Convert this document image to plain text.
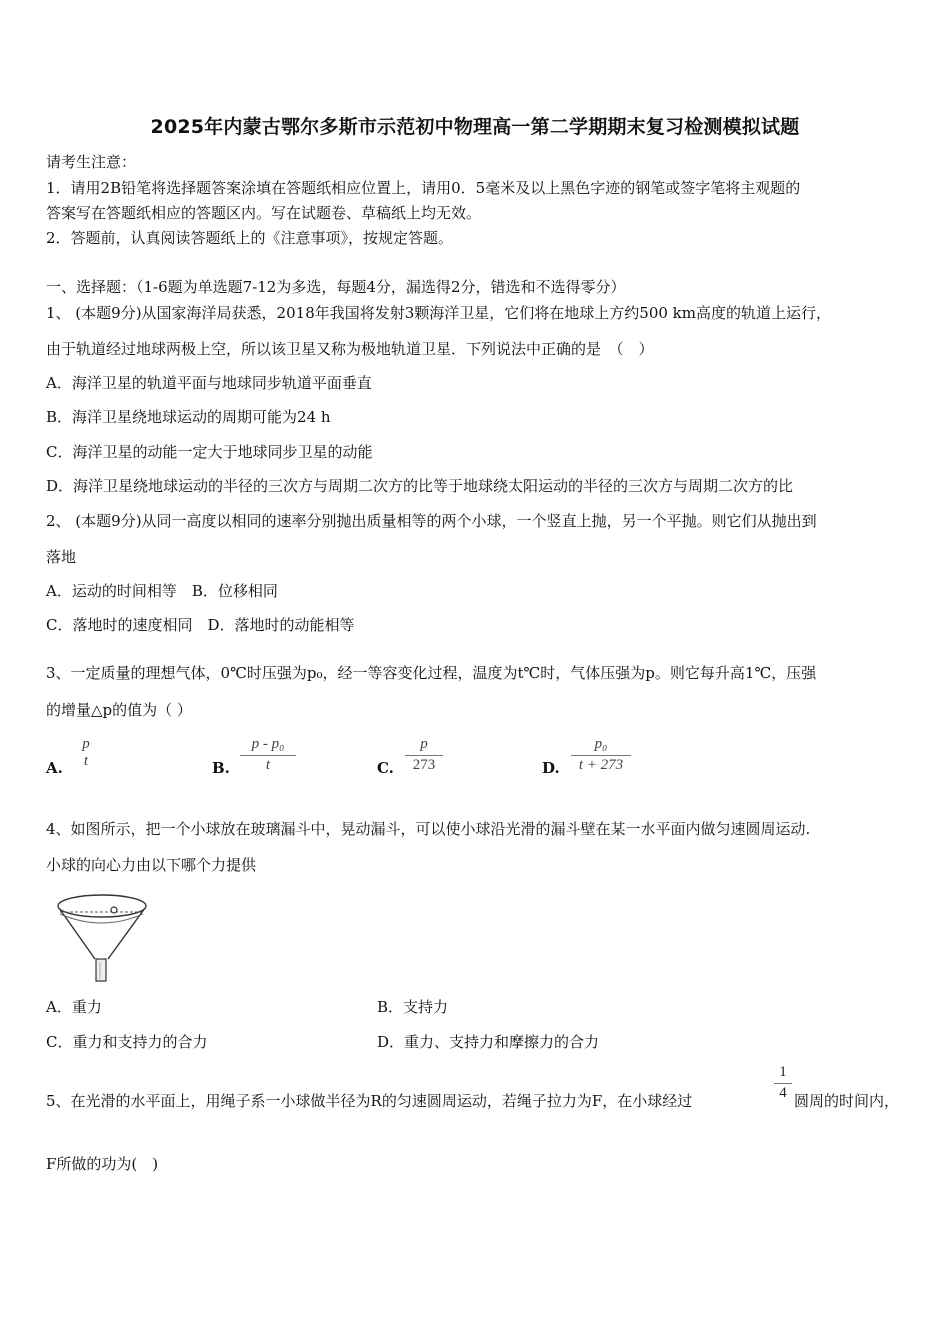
2025年内蒙古鄂尔多斯市示范初中物理高一第二学期期末复习检测模拟试题
请考生注意：
1．请用2B铅笔将选择题答案涂填在答题纸相应位置上，请用0．5毫米及以上黑色字迹的钢笔或签字笔将主观题的
答案写在答题纸相应的答题区内。写在试题卷、草稿纸上均无效。
2．答题前，认真阅读答题纸上的《注意事项》，按规定答题。
一、选择题：（1-6题为单选题7-12为多选，每题4分，漏选得2分，错选和不选得零分）
1、 (本题9分)从国家海洋局获悉，2018年我国将发射3颗海洋卫星，它们将在地球上方约500 km高度的轨道上运行，
由于轨道经过地球两极上空，所以该卫星又称为极地轨道卫星．下列说法中正确的是　（　）
A．海洋卫星的轨道平面与地球同步轨道平面垂直
B．海洋卫星绕地球运动的周期可能为24 h
C．海洋卫星的动能一定大于地球同步卫星的动能
D．海洋卫星绕地球运动的半径的三次方与周期二次方的比等于地球绕太阳运动的半径的三次方与周期二次方的比
2、 (本题9分)从同一高度以相同的速率分别抛出质量相等的两个小球，一个竖直上抛，另一个平抛。则它们从抛出到
落地
A．运动的时间相等　B．位移相同
C．落地时的速度相同　D．落地时的动能相等
3、一定质量的理想气体，0℃时压强为p₀，经一等容变化过程，温度为t℃时，气体压强为p。则它每升高1℃，压强
的增量△p的值为（ ）
A.
p
t	B.
p - p₀
t	C.
p
273	D.
p₀
t + 273
4、如图所示，把一个小球放在玻璃漏斗中，晃动漏斗，可以使小球沿光滑的漏斗壁在某一水平面内做匀速圆周运动.
小球的向心力由以下哪个力提供
A．重力	B．支持力
C．重力和支持力的合力	D．重力、支持力和摩擦力的合力
5、在光滑的水平面上，用绳子系一小球做半径为R的匀速圆周运动，若绳子拉力为F，在小球经过
1
4 圆周的时间内，
F所做的功为(　)
